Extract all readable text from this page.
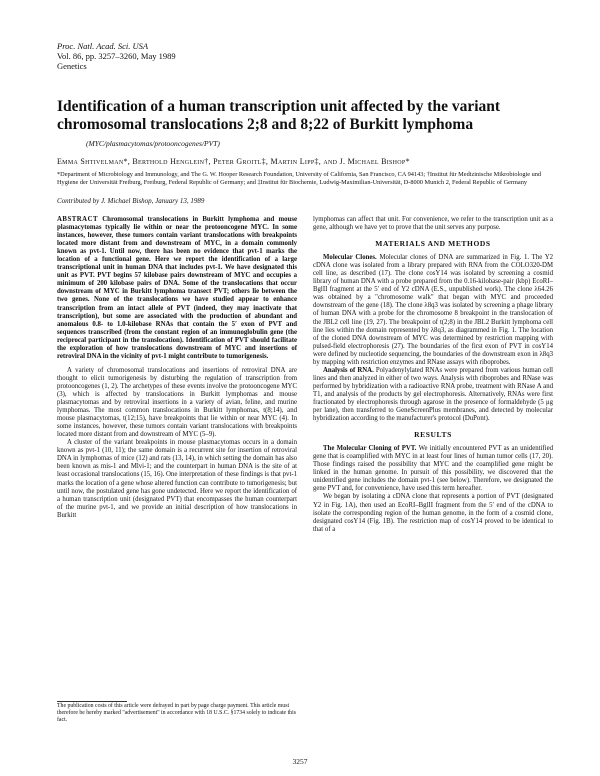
Proc. Natl. Acad. Sci. USA
Vol. 86, pp. 3257–3260, May 1989
Genetics
Identification of a human transcription unit affected by the variant chromosomal translocations 2;8 and 8;22 of Burkitt lymphoma
(MYC/plasmacytomas/protooncogenes/PVT)
Emma Shtivelman*, Berthold Henglein†, Peter Groitl‡, Martin Lipp‡, and J. Michael Bishop*
*Department of Microbiology and Immunology, and The G. W. Hooper Research Foundation, University of California, San Francisco, CA 94143; †Institut für Medizinische Mikrobiologie und Hygiene der Universität Freiburg, Freiburg, Federal Republic of Germany; and ‡Institut für Biochemie, Ludwig-Maximilian-Universität, D-8000 Munich 2, Federal Republic of Germany
Contributed by J. Michael Bishop, January 13, 1989

ABSTRACT Chromosomal translocations in Burkitt lymphoma and mouse plasmacytomas typically lie within or near the protooncogene MYC. In some instances, however, these tumors contain variant translocations with breakpoints located more distant from and downstream of MYC, in a domain commonly known as pvt-1. Until now, there has been no evidence that pvt-1 marks the location of a functional gene. Here we report the identification of a large transcriptional unit in human DNA that includes pvt-1. We have designated this unit as PVT. PVT begins 57 kilobase pairs downstream of MYC and occupies a minimum of 200 kilobase pairs of DNA. Some of the translocations that occur downstream of MYC in Burkitt lymphoma transect PVT; others lie between the two genes. None of the translocations we have studied appear to enhance transcription from an intact allele of PVT (indeed, they may inactivate that transcription), but some are associated with the production of abundant and anomalous 0.8- to 1.0-kilobase RNAs that contain the 5′ exon of PVT and sequences transcribed (from the constant region of an immunoglobulin gene (the reciprocal participant in the translocation). Identification of PVT should facilitate the exploration of how translocations downstream of MYC and insertions of retroviral DNA in the vicinity of pvt-1 might contribute to tumorigenesis.

A variety of chromosomal translocations and insertions of retroviral DNA are thought to elicit tumorigenesis by disturbing the regulation of transcription from protooncogenes (1, 2). The archetypes of these events involve the protooncogene MYC (3), which is affected by translocations in Burkitt lymphomas and mouse plasmacytomas and by retroviral insertions in a variety of avian, feline, and murine lymphomas. The most common translocations in Burkitt lymphomas, t(8;14), and mouse plasmacytomas, t(12;15), have breakpoints that lie within or near MYC (4). In some instances, however, these tumors contain variant translocations with breakpoints located more distant from and downstream of MYC (5–9).

A cluster of the variant breakpoints in mouse plasmacytomas occurs in a domain known as pvt-1 (10, 11); the same domain is a recurrent site for insertion of retroviral DNA in lymphomas of mice (12) and rats (13, 14), in which setting the domain has also been known as mis-1 and Mlvi-1; and the counterpart in human DNA is the site of at least occasional translocations (15, 16). One interpretation of these findings is that pvt-1 marks the location of a gene whose altered function can contribute to tumorigenesis; but until now, the postulated gene has gone undetected. Here we report the identification of a human transcription unit (designated PVT) that encompasses the human counterpart of the murine pvt-1, and we provide an initial description of how translocations in Burkitt

lymphomas can affect that unit. For convenience, we refer to the transcription unit as a gene, although we have yet to prove that the unit serves any purpose.

MATERIALS AND METHODS

Molecular Clones. Molecular clones of DNA are summarized in Fig. 1. The Y2 cDNA clone was isolated from a library prepared with RNA from the COLO320-DM cell line, as described (17). The clone cosY14 was isolated by screening a cosmid library of human DNA with a probe prepared from the 0.16-kilobase-pair (kbp) EcoRI–BglII fragment at the 5′ end of Y2 cDNA (E.S., unpublished work). The clone λ64.26 was obtained by a "chromosome walk" that began with MYC and proceeded downstream of the gene (18). The clone λ8q3 was isolated by screening a phage library of human DNA with a probe for the chromosome 8 breakpoint in the translocation of the JBL2 cell line (19, 27). The breakpoint of t(2;8) in the JBL2 Burkitt lymphoma cell line lies within the domain represented by λ8q3, as diagrammed in Fig. 1. The location of the cloned DNA downstream of MYC was determined by restriction mapping with pulsed-field electrophoresis (27). The boundaries of the first exon of PVT in cosY14 were defined by nucleotide sequencing, the boundaries of the downstream exon in λ8q3 by mapping with restriction enzymes and RNase assays with riboprobes.

Analysis of RNA. Polyadenylylated RNAs were prepared from various human cell lines and then analyzed in either of two ways. Analysis with riboprobes and RNase was performed by hybridization with a radioactive RNA probe, treatment with RNase A and T1, and analysis of the products by gel electrophoresis. Alternatively, RNAs were first fractionated by electrophoresis through agarose in the presence of formaldehyde (5 μg per lane), then transferred to GeneScreenPlus membranes, and detected by molecular hybridization according to the manufacturer's protocol (DuPont).

RESULTS

The Molecular Cloning of PVT. We initially encountered PVT as an unidentified gene that is coamplified with MYC in at least four lines of human tumor cells (17, 20). Those findings raised the possibility that MYC and the coamplified gene might be linked in the human genome. In pursuit of this possibility, we discovered that the unidentified gene includes the domain pvt-1 (see below). Therefore, we designated the gene PVT and, for convenience, have used this term hereafter.

We began by isolating a cDNA clone that represents a portion of PVT (designated Y2 in Fig. 1A), then used an EcoRI–BglII fragment from the 5′ end of the cDNA to isolate the corresponding region of the human genome, in the form of a cosmid clone, designated cosY14 (Fig. 1B). The restriction map of cosY14 proved to be identical to that of a

The publication costs of this article were defrayed in part by page charge payment. This article must therefore be hereby marked "advertisement" in accordance with 18 U.S.C. §1734 solely to indicate this fact.
3257
